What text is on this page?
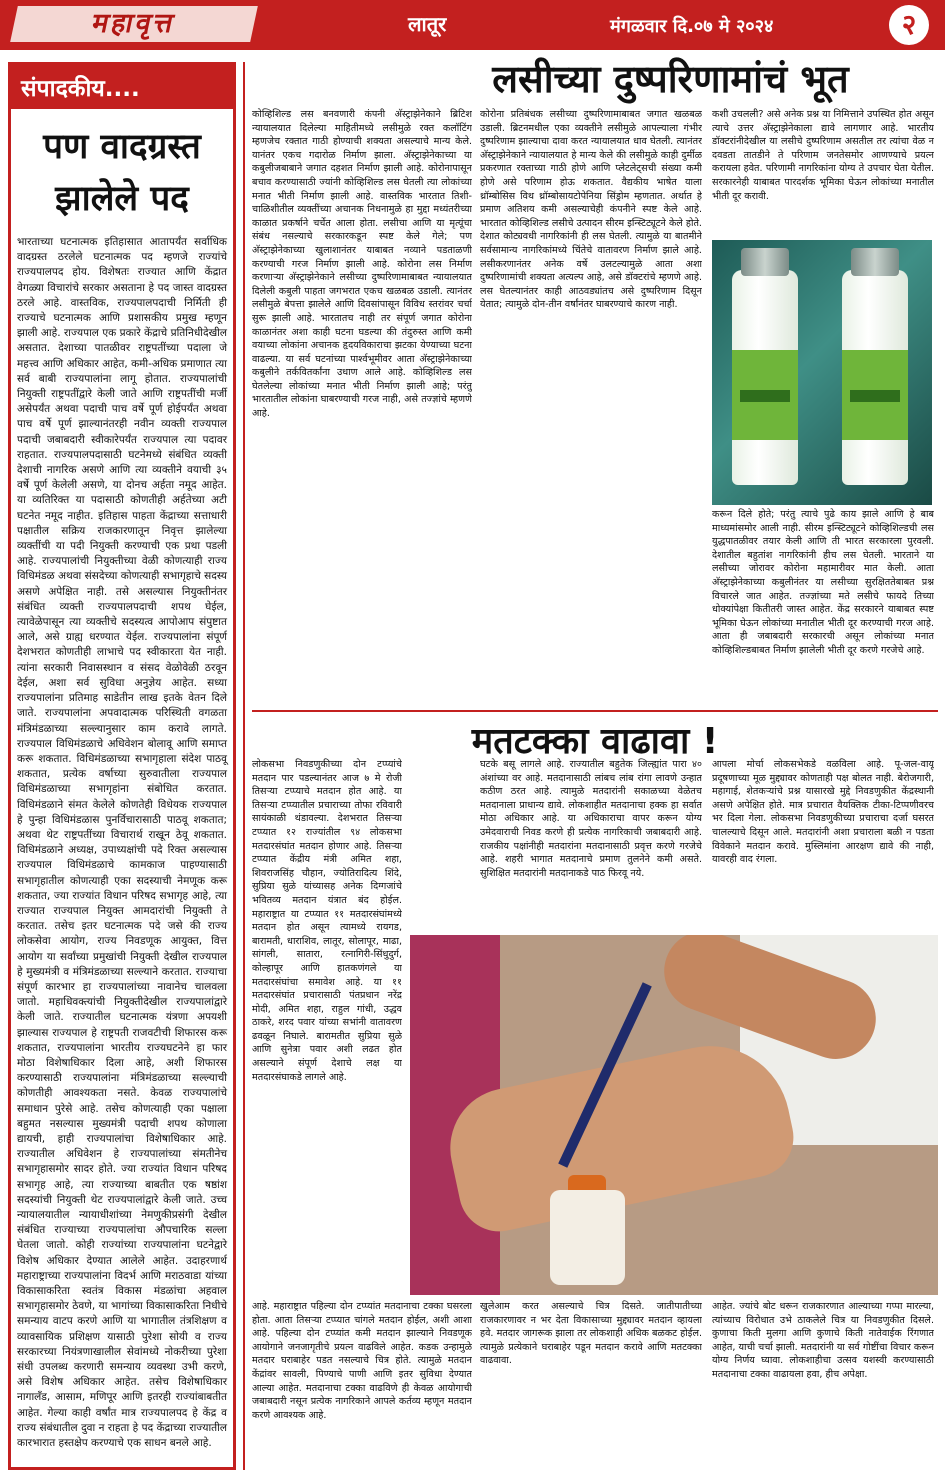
महावृत्त	लातूर	मंगळवार दि.०७ मे २०२४	२
संपादकीय....
पण वादग्रस्त झालेले पद
भारताच्या घटनात्मक इतिहासात आतापर्यंत सर्वाधिक वादग्रस्त ठरलेले घटनात्मक पद म्हणजे राज्यांचे राज्यपालपद होय. विशेषतः राज्यात आणि केंद्रात वेगळ्या विचारांचे सरकार असताना हे पद जास्त वादग्रस्त ठरले आहे. वास्तविक, राज्यपालपदाची निर्मिती ही राज्याचे घटनात्मक आणि प्रशासकीय प्रमुख म्हणून झाली आहे. राज्यपाल एक प्रकारे केंद्राचे प्रतिनिधीदेखील असतात. देशाच्या पातळीवर राष्ट्रपतींच्या पदाला जे महत्त्व आणि अधिकार आहेत, कमी-अधिक प्रमाणात त्या सर्व बाबी राज्यपालांना लागू होतात. राज्यपालांची नियुक्ती राष्ट्रपतींद्वारे केली जाते आणि राष्ट्रपतींची मर्जी असेपर्यंत अथवा पदाची पाच वर्षे पूर्ण होईपर्यंत अथवा पाच वर्षे पूर्ण झाल्यानंतरही नवीन व्यक्ती राज्यपाल पदाची जबाबदारी स्वीकारेपर्यंत राज्यपाल त्या पदावर राहतात. राज्यपालपदासाठी घटनेमध्ये संबंधित व्यक्ती देशाची नागरिक असणे आणि त्या व्यक्तीने वयाची ३५ वर्षे पूर्ण केलेली असणे, या दोनच अर्हता नमूद आहेत. या व्यतिरिक्त या पदासाठी कोणतीही अर्हतेच्या अटी घटनेत नमूद नाहीत. इतिहास पाहता केंद्राच्या सत्ताधारी पक्षातील सक्रिय राजकारणातून निवृत्त झालेल्या व्यक्तींची या पदी नियुक्ती करण्याची एक प्रथा पडली आहे. राज्यपालांची नियुक्तीच्या वेळी कोणत्याही राज्य विधिमंडळ अथवा संसदेच्या कोणत्याही सभागृहाचे सदस्य असणे अपेक्षित नाही. तसे असल्यास नियुक्तीनंतर संबंधित व्यक्ती राज्यपालपदाची शपथ घेईल, त्यावेळेपासून त्या व्यक्तीचे सदस्यत्व आपोआप संपुष्टात आले, असे ग्राह्य धरण्यात येईल. राज्यपालांना संपूर्ण देशभरात कोणतीही लाभाचे पद स्वीकारता येत नाही. त्यांना सरकारी निवासस्थान व संसद वेळोवेळी ठरवून देईल, अशा सर्व सुविधा अनुज्ञेय आहेत. सध्या राज्यपालांना प्रतिमाह साडेतीन लाख इतके वेतन दिले जाते. राज्यपालांना अपवादात्मक परिस्थिती वगळता मंत्रिमंडळाच्या सल्ल्यानुसार काम करावे लागते. राज्यपाल विधिमंडळाचे अधिवेशन बोलावू आणि समाप्त करू शकतात. विधिमंडळाच्या सभागृहाला संदेश पाठवू शकतात, प्रत्येक वर्षाच्या सुरुवातीला राज्यपाल विधिमंडळाच्या सभागृहांना संबोधित करतात. विधिमंडळाने संमत केलेले कोणतेही विधेयक राज्यपाल हे पुन्हा विधिमंडळास पुनर्विचारासाठी पाठवू शकतात; अथवा थेट राष्ट्रपतींच्या विचारार्थ राखून ठेवू शकतात. विधिमंडळाने अध्यक्ष, उपाध्यक्षांची पदे रिक्त असल्यास राज्यपाल विधिमंडळाचे कामकाज पाहण्यासाठी सभागृहातील कोणत्याही एका सदस्याची नेमणूक करू शकतात, ज्या राज्यांत विधान परिषद सभागृह आहे, त्या राज्यात राज्यपाल नियुक्त आमदारांची नियुक्ती ते करतात. तसेच इतर घटनात्मक पदे जसे की राज्य लोकसेवा आयोग, राज्य निवडणूक आयुक्त, वित्त आयोग या सर्वांच्या प्रमुखांची नियुक्ती देखील राज्यपाल हे मुख्यमंत्री व मंत्रिमंडळाच्या सल्ल्याने करतात. राज्याचा संपूर्ण कारभार हा राज्यपालांच्या नावानेच चालवला जातो. महाधिवक्त्यांची नियुक्तीदेखील राज्यपालांद्वारे केली जाते. राज्यातील घटनात्मक यंत्रणा अपयशी झाल्यास राज्यपाल हे राष्ट्रपती राजवटीची शिफारस करू शकतात, राज्यपालांना भारतीय राज्यघटनेने हा फार मोठा विशेषाधिकार दिला आहे, अशी शिफारस करण्यासाठी राज्यपालांना मंत्रिमंडळाच्या सल्ल्याची कोणतीही आवश्यकता नसते. केवळ राज्यपालांचे समाधान पुरेसे आहे. तसेच कोणत्याही एका पक्षाला बहुमत नसल्यास मुख्यमंत्री पदाची शपथ कोणाला द्यायची, हाही राज्यपालांचा विशेषाधिकार आहे. राज्यातील अधिवेशन हे राज्यपालांच्या संमतीनेच सभागृहासमोर सादर होते. ज्या राज्यांत विधान परिषद सभागृह आहे, त्या राज्याच्या बाबतीत एक षष्ठांश सदस्यांची नियुक्ती थेट राज्यपालांद्वारे केली जाते. उच्च न्यायालयातील न्यायाधीशांच्या नेमणुकीप्रसंगी देखील संबंधित राज्याच्या राज्यपालांचा औपचारिक सल्ला घेतला जातो. कोही राज्यांच्या राज्यपालांना घटनेद्वारे विशेष अधिकार देण्यात आलेले आहेत. उदाहरणार्थ महाराष्ट्राच्या राज्यपालांना विदर्भ आणि मराठवाडा यांच्या विकासाकरिता स्वतंत्र विकास मंडळांचा अहवाल सभागृहासमोर ठेवणे, या भागांच्या विकासाकरिता निधीचे समन्याय वाटप करणे आणि या भागातील तंत्रशिक्षण व व्यावसायिक प्रशिक्षण यासाठी पुरेशा सोयी व राज्य सरकारच्या नियंत्रणाखालील सेवांमध्ये नोकरीच्या पुरेशा संधी उपलब्ध करणारी समन्याय व्यवस्था उभी करणे, असे विशेष अधिकार आहेत. तसेच विशेषाधिकार नागालँड, आसाम, मणिपूर आणि इतरही राज्यांबाबतीत आहेत. गेल्या काही वर्षांत मात्र राज्यपालपद हे केंद्र व राज्य संबंधातील दुवा न राहता हे पद केंद्राच्या राज्यातील कारभारात हस्तक्षेप करण्याचे एक साधन बनले आहे.
लसीच्या दुष्परिणामांचं भूत
कोव्हिशिल्ड लस बनवणारी कंपनी अ‍ॅस्ट्राझेनेकाने ब्रिटिश न्यायालयात दिलेल्या माहितीमध्ये लसीमुळे रक्त कलॉटिंग म्हणजेच रक्तात गाठी होण्याची शक्यता असल्याचे मान्य केले. यानंतर एकच गदारोळ निर्माण झाला. अ‍ॅस्ट्राझेनेकाच्या या कबुलीजबाबाने जगात दहशत निर्माण झाली आहे. कोरोनापासून बचाव करण्यासाठी ज्यांनी कोव्हिशिल्ड लस घेतली त्या लोकांच्या मनात भीती निर्माण झाली आहे. वास्तविक भारतात तिशी-चाळिशीतील व्यक्तींच्या अचानक निधनामुळे हा मुद्दा मध्यंतरीच्या काळात प्रकर्षाने चर्चेत आला होता. लसीचा आणि या मृत्यूंचा संबंध नसल्याचे सरकारकडून स्पष्ट केले गेले; पण अ‍ॅस्ट्राझेनेकाच्या खुलाशानंतर याबाबत नव्याने पडताळणी करण्याची गरज निर्माण झाली आहे. कोरोना लस निर्माण करणाऱ्या अ‍ॅस्ट्राझेनेकाने लसीच्या दुष्परिणामाबाबत न्यायालयात दिलेली कबुली पाहता जगभरात एकच खळबळ उडाली. त्यानंतर लसीमुळे बेपत्ता झालेले आणि दिवसांपासून विविध स्तरांवर चर्चा सुरू झाली आहे. भारतातच नाही तर संपूर्ण जगात कोरोना काळानंतर अशा काही घटना घडल्या की तंदुरुस्त आणि कमी वयाच्या लोकांना अचानक हृदयविकाराचा झटका येण्याच्या घटना वाढल्या. या सर्व घटनांच्या पार्श्वभूमीवर आता अ‍ॅस्ट्राझेनेकाच्या कबुलीने तर्कवितर्कांना उधाण आले आहे. कोव्हिशिल्ड लस घेतलेल्या लोकांच्या मनात भीती निर्माण झाली आहे; परंतु भारतातील लोकांना घाबरण्याची गरज नाही, असे तज्ज्ञांचे म्हणणे आहे.
कोरोना प्रतिबंधक लसीच्या दुष्परिणामाबाबत जगात खळबळ उडाली. ब्रिटनमधील एका व्यक्तीने लसीमुळे आपल्याला गंभीर दुष्परिणाम झाल्याचा दावा करत न्यायालयात धाव घेतली. त्यानंतर अ‍ॅस्ट्राझेनेकाने न्यायालयात हे मान्य केले की लसीमुळे काही दुर्मीळ प्रकरणात रक्ताच्या गाठी होणे आणि प्लेटलेट्सची संख्या कमी होणे असे परिणाम होऊ शकतात. वैद्यकीय भाषेत याला थ्रॉम्बोसिस विथ थ्रॉम्बोसायटोपेनिया सिंड्रोम म्हणतात. अर्थात हे प्रमाण अतिशय कमी असल्याचेही कंपनीने स्पष्ट केले आहे. भारतात कोव्हिशिल्ड लसीचे उत्पादन सीरम इन्स्टिट्यूटने केले होते. देशात कोट्यवधी नागरिकांनी ही लस घेतली. त्यामुळे या बातमीने सर्वसामान्य नागरिकांमध्ये चिंतेचे वातावरण निर्माण झाले आहे. लसीकरणानंतर अनेक वर्षे उलटल्यामुळे आता अशा दुष्परिणामांची शक्यता अत्यल्प आहे, असे डॉक्टरांचे म्हणणे आहे. लस घेतल्यानंतर काही आठवड्यांतच असे दुष्परिणाम दिसून येतात; त्यामुळे दोन-तीन वर्षांनंतर घाबरण्याचे कारण नाही.
कशी उचलली? असे अनेक प्रश्न या निमित्ताने उपस्थित होत असून त्याचे उत्तर अ‍ॅस्ट्राझेनेकाला द्यावे लागणार आहे. भारतीय डॉक्टरांनीदेखील या लसीचे दुष्परिणाम असतील तर त्यांचा वेळ न दवडता तातडीने ते परिणाम जनतेसमोर आणण्याचे प्रयत्न करायला हवेत. परिणामी नागरिकांना योग्य ते उपचार घेता येतील. सरकारनेही याबाबत पारदर्शक भूमिका घेऊन लोकांच्या मनातील भीती दूर करावी.
करून दिले होते; परंतु त्याचे पुढे काय झाले आणि हे बाब माध्यमांसमोर आली नाही. सीरम इन्स्टिट्यूटने कोव्हिशिल्डची लस युद्धपातळीवर तयार केली आणि ती भारत सरकारला पुरवली. देशातील बहुतांश नागरिकांनी हीच लस घेतली. भारताने या लसीच्या जोरावर कोरोना महामारीवर मात केली. आता अ‍ॅस्ट्राझेनेकाच्या कबुलीनंतर या लसीच्या सुरक्षिततेबाबत प्रश्न विचारले जात आहेत. तज्ज्ञांच्या मते लसीचे फायदे तिच्या धोक्यांपेक्षा कितीतरी जास्त आहेत. केंद्र सरकारने याबाबत स्पष्ट भूमिका घेऊन लोकांच्या मनातील भीती दूर करण्याची गरज आहे. आता ही जबाबदारी सरकारची असून लोकांच्या मनात कोव्हिशिल्डबाबत निर्माण झालेली भीती दूर करणे गरजेचे आहे.
मतटक्का वाढावा !
लोकसभा निवडणुकीच्या दोन टप्प्यांचे मतदान पार पडल्यानंतर आज ७ मे रोजी तिसऱ्या टप्प्याचे मतदान होत आहे. या तिसऱ्या टप्प्यातील प्रचाराच्या तोफा रविवारी सायंकाळी थंडावल्या. देशभरात तिसऱ्या टप्प्यात १२ राज्यांतील ९४ लोकसभा मतदारसंघांत मतदान होणार आहे. तिसऱ्या टप्प्यात केंद्रीय मंत्री अमित शहा, शिवराजसिंह चौहान, ज्योतिरादित्य शिंदे, सुप्रिया सुळे यांच्यासह अनेक दिग्गजांचे भवितव्य मतदान यंत्रात बंद होईल. महाराष्ट्रात या टप्प्यात ११ मतदारसंघांमध्ये मतदान होत असून त्यामध्ये रायगड, बारामती, धाराशिव, लातूर, सोलापूर, माढा, सांगली, सातारा, रत्नागिरी-सिंधुदुर्ग, कोल्हापूर आणि हातकणंगले या मतदारसंघांचा समावेश आहे. या ११ मतदारसंघांत प्रचारासाठी पंतप्रधान नरेंद्र मोदी, अमित शहा, राहुल गांधी, उद्धव ठाकरे, शरद पवार यांच्या सभांनी वातावरण ढवळून निघाले. बारामतीत सुप्रिया सुळे आणि सुनेत्रा पवार अशी लढत होत असल्याने संपूर्ण देशाचे लक्ष या मतदारसंघाकडे लागले आहे.
घटके बसू लागले आहे. राज्यातील बहुतेक जिल्ह्यांत पारा ४० अंशांच्या वर आहे. मतदानासाठी लांबच लांब रांगा लावणे उन्हात कठीण ठरत आहे. त्यामुळे मतदारांनी सकाळच्या वेळेतच मतदानाला प्राधान्य द्यावे. लोकशाहीत मतदानाचा हक्क हा सर्वात मोठा अधिकार आहे. या अधिकाराचा वापर करून योग्य उमेदवाराची निवड करणे ही प्रत्येक नागरिकाची जबाबदारी आहे. राजकीय पक्षांनीही मतदारांना मतदानासाठी प्रवृत्त करणे गरजेचे आहे. शहरी भागात मतदानाचे प्रमाण तुलनेने कमी असते. सुशिक्षित मतदारांनी मतदानाकडे पाठ फिरवू नये.
आपला मोर्चा लोकसभेकडे वळविला आहे. पू-जल-वायू प्रदूषणाच्या मूळ मुद्द्यावर कोणताही पक्ष बोलत नाही. बेरोजगारी, महागाई, शेतकऱ्यांचे प्रश्न यासारखे मुद्दे निवडणुकीत केंद्रस्थानी असणे अपेक्षित होते. मात्र प्रचारात वैयक्तिक टीका-टिप्पणीवरच भर दिला गेला. लोकसभा निवडणुकीच्या प्रचाराचा दर्जा घसरत चालल्याचे दिसून आले. मतदारांनी अशा प्रचाराला बळी न पडता विवेकाने मतदान करावे. मुस्लिमांना आरक्षण द्यावे की नाही, यावरही वाद रंगला.
आहे. महाराष्ट्रात पहिल्या दोन टप्प्यांत मतदानाचा टक्का घसरला होता. आता तिसऱ्या टप्प्यात चांगले मतदान होईल, अशी आशा आहे. पहिल्या दोन टप्प्यांत कमी मतदान झाल्याने निवडणूक आयोगाने जनजागृतीचे प्रयत्न वाढविले आहेत. कडक उन्हामुळे मतदार घराबाहेर पडत नसल्याचे चित्र होते. त्यामुळे मतदान केंद्रांवर सावली, पिण्याचे पाणी आणि इतर सुविधा देण्यात आल्या आहेत. मतदानाचा टक्का वाढविणे ही केवळ आयोगाची जबाबदारी नसून प्रत्येक नागरिकाने आपले कर्तव्य म्हणून मतदान करणे आवश्यक आहे.
खुलेआम करत असल्याचे चित्र दिसते. जातीपातीच्या राजकारणावर न भर देता विकासाच्या मुद्द्यावर मतदान व्हायला हवे. मतदार जागरूक झाला तर लोकशाही अधिक बळकट होईल. त्यामुळे प्रत्येकाने घराबाहेर पडून मतदान करावे आणि मतटक्का वाढवावा.
आहेत. ज्यांचे बोट धरून राजकारणात आल्याच्या गप्पा मारल्या, त्यांच्याच विरोधात उभे ठाकलेले चित्र या निवडणुकीत दिसले. कुणाचा किती मुलगा आणि कुणाचे किती नातेवाईक रिंगणात आहेत, याची चर्चा झाली. मतदारांनी या सर्व गोष्टींचा विचार करून योग्य निर्णय घ्यावा. लोकशाहीचा उत्सव यशस्वी करण्यासाठी मतदानाचा टक्का वाढायला हवा, हीच अपेक्षा.
